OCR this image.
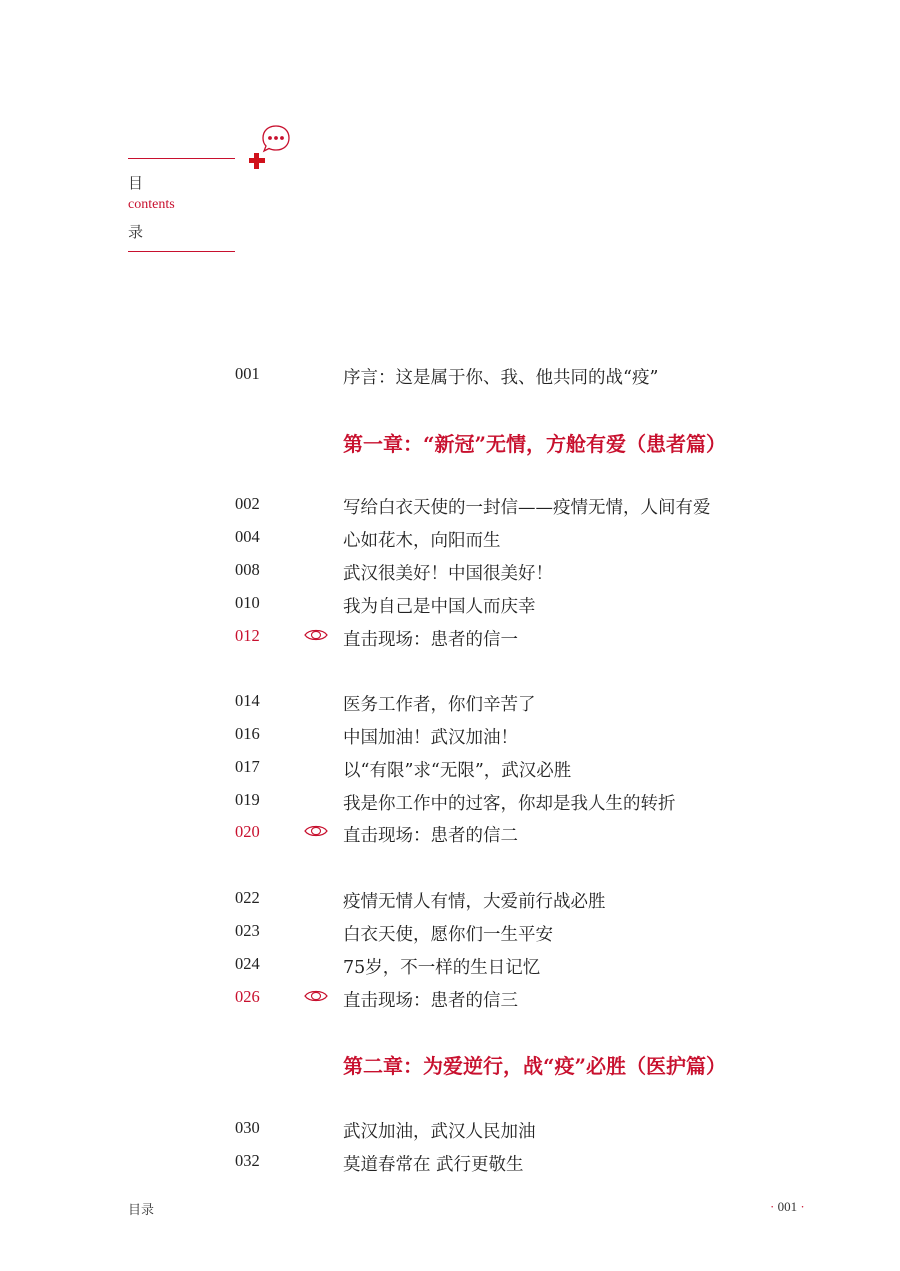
目
contents
录
001	序言：这是属于你、我、他共同的战“疫”
第一章：“新冠”无情，方舱有爱（患者篇）
002	写给白衣天使的一封信——疫情无情，人间有爱
004	心如花木，向阳而生
008	武汉很美好！中国很美好！
010	我为自己是中国人而庆幸
012	直击现场：患者的信一
014	医务工作者，你们辛苦了
016	中国加油！武汉加油！
017	以“有限”求“无限”，武汉必胜
019	我是你工作中的过客，你却是我人生的转折
020	直击现场：患者的信二
022	疫情无情人有情，大爱前行战必胜
023	白衣天使，愿你们一生平安
024	75岁，不一样的生日记忆
026	直击现场：患者的信三
第二章：为爱逆行，战“疫”必胜（医护篇）
030	武汉加油，武汉人民加油
032	莫道春常在 武行更敬生
目录	· 001 ·
